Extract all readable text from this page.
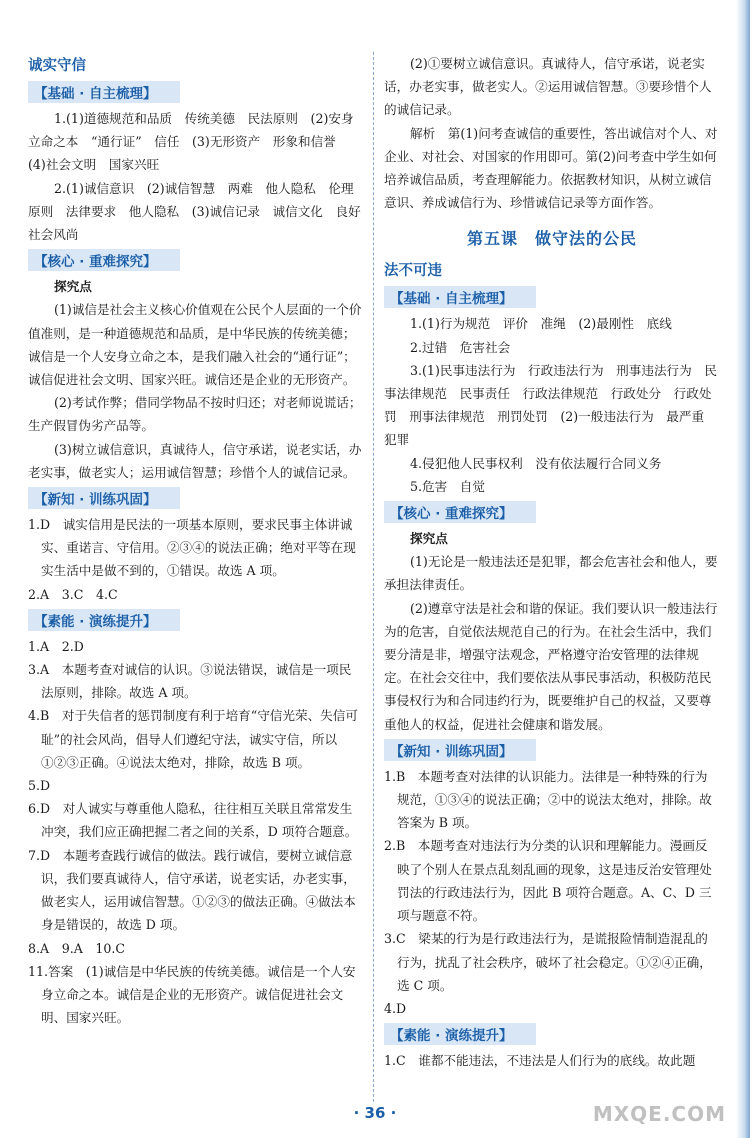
诚实守信
【基础 · 自主梳理】

1.(1)道德规范和品质　传统美德　民法原则　(2)安身立命之本　“通行证”　信任　(3)无形资产　形象和信誉　(4)社会文明　国家兴旺

2.(1)诚信意识　(2)诚信智慧　两难　他人隐私　伦理原则　法律要求　他人隐私　(3)诚信记录　诚信文化　良好社会风尚

【核心 · 重难探究】

探究点

(1)诚信是社会主义核心价值观在公民个人层面的一个价值准则，是一种道德规范和品质，是中华民族的传统美德；诚信是一个人安身立命之本，是我们融入社会的“通行证”；诚信促进社会文明、国家兴旺。诚信还是企业的无形资产。

(2)考试作弊；借同学物品不按时归还；对老师说谎话；生产假冒伪劣产品等。

(3)树立诚信意识，真诚待人，信守承诺，说老实话，办老实事，做老实人；运用诚信智慧；珍惜个人的诚信记录。

【新知 · 训练巩固】

1.D　诚实信用是民法的一项基本原则，要求民事主体讲诚实、重诺言、守信用。②③④的说法正确；绝对平等在现实生活中是做不到的，①错误。故选 A 项。

2.A　3.C　4.C

【素能 · 演练提升】

1.A　2.D

3.A　本题考查对诚信的认识。③说法错误，诚信是一项民法原则，排除。故选 A 项。

4.B　对于失信者的惩罚制度有利于培育“守信光荣、失信可耻”的社会风尚，倡导人们遵纪守法，诚实守信，所以①②③正确。④说法太绝对，排除，故选 B 项。

5.D

6.D　对人诚实与尊重他人隐私，往往相互关联且常常发生冲突，我们应正确把握二者之间的关系，D 项符合题意。

7.D　本题考查践行诚信的做法。践行诚信，要树立诚信意识，我们要真诚待人，信守承诺，说老实话，办老实事，做老实人，运用诚信智慧。①②③的做法正确。④做法本身是错误的，故选 D 项。

8.A　9.A　10.C

11.答案　(1)诚信是中华民族的传统美德。诚信是一个人安身立命之本。诚信是企业的无形资产。诚信促进社会文明、国家兴旺。

(2)①要树立诚信意识。真诚待人，信守承诺，说老实话，办老实事，做老实人。②运用诚信智慧。③要珍惜个人的诚信记录。

解析　第(1)问考查诚信的重要性，答出诚信对个人、对企业、对社会、对国家的作用即可。第(2)问考查中学生如何培养诚信品质，考查理解能力。依据教材知识，从树立诚信意识、养成诚信行为、珍惜诚信记录等方面作答。

第五课　做守法的公民
法不可违
【基础 · 自主梳理】

1.(1)行为规范　评价　准绳　(2)最刚性　底线

2.过错　危害社会

3.(1)民事违法行为　行政违法行为　刑事违法行为　民事法律规范　民事责任　行政法律规范　行政处分　行政处罚　刑事法律规范　刑罚处罚　(2)一般违法行为　最严重　犯罪

4.侵犯他人民事权利　没有依法履行合同义务

5.危害　自觉

【核心 · 重难探究】

探究点

(1)无论是一般违法还是犯罪，都会危害社会和他人，要承担法律责任。

(2)遵章守法是社会和谐的保证。我们要认识一般违法行为的危害，自觉依法规范自己的行为。在社会生活中，我们要分清是非，增强守法观念，严格遵守治安管理的法律规定。在社会交往中，我们要依法从事民事活动，积极防范民事侵权行为和合同违约行为，既要维护自己的权益，又要尊重他人的权益，促进社会健康和谐发展。

【新知 · 训练巩固】

1.B　本题考查对法律的认识能力。法律是一种特殊的行为规范，①③④的说法正确；②中的说法太绝对，排除。故答案为 B 项。

2.B　本题考查对违法行为分类的认识和理解能力。漫画反映了个别人在景点乱刻乱画的现象，这是违反治安管理处罚法的行政违法行为，因此 B 项符合题意。A、C、D 三项与题意不符。

3.C　梁某的行为是行政违法行为，是谎报险情制造混乱的行为，扰乱了社会秩序，破坏了社会稳定。①②④正确，选 C 项。

4.D

【素能 · 演练提升】

1.C　谁都不能违法，不违法是人们行为的底线。故此题

· 36 ·	MXQE.COM
